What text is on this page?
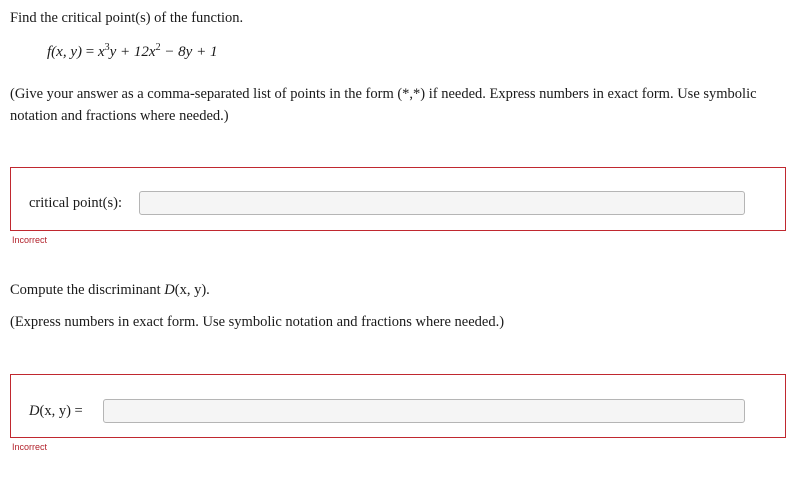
Find the critical point(s) of the function.
f(x, $y) = x^3y + 12x^2 - 8y + 1$
(Give your answer as a comma-separated list of points in the form (*,*) if needed. Express numbers in exact form. Use symbolic
notation and fractions where needed.)
critical point(s):
Incorrect
Compute the discriminant D(x, y).
(Express numbers in exact form. Use symbolic notation and fractions where needed.)
D(x, y) =
Incorrect
